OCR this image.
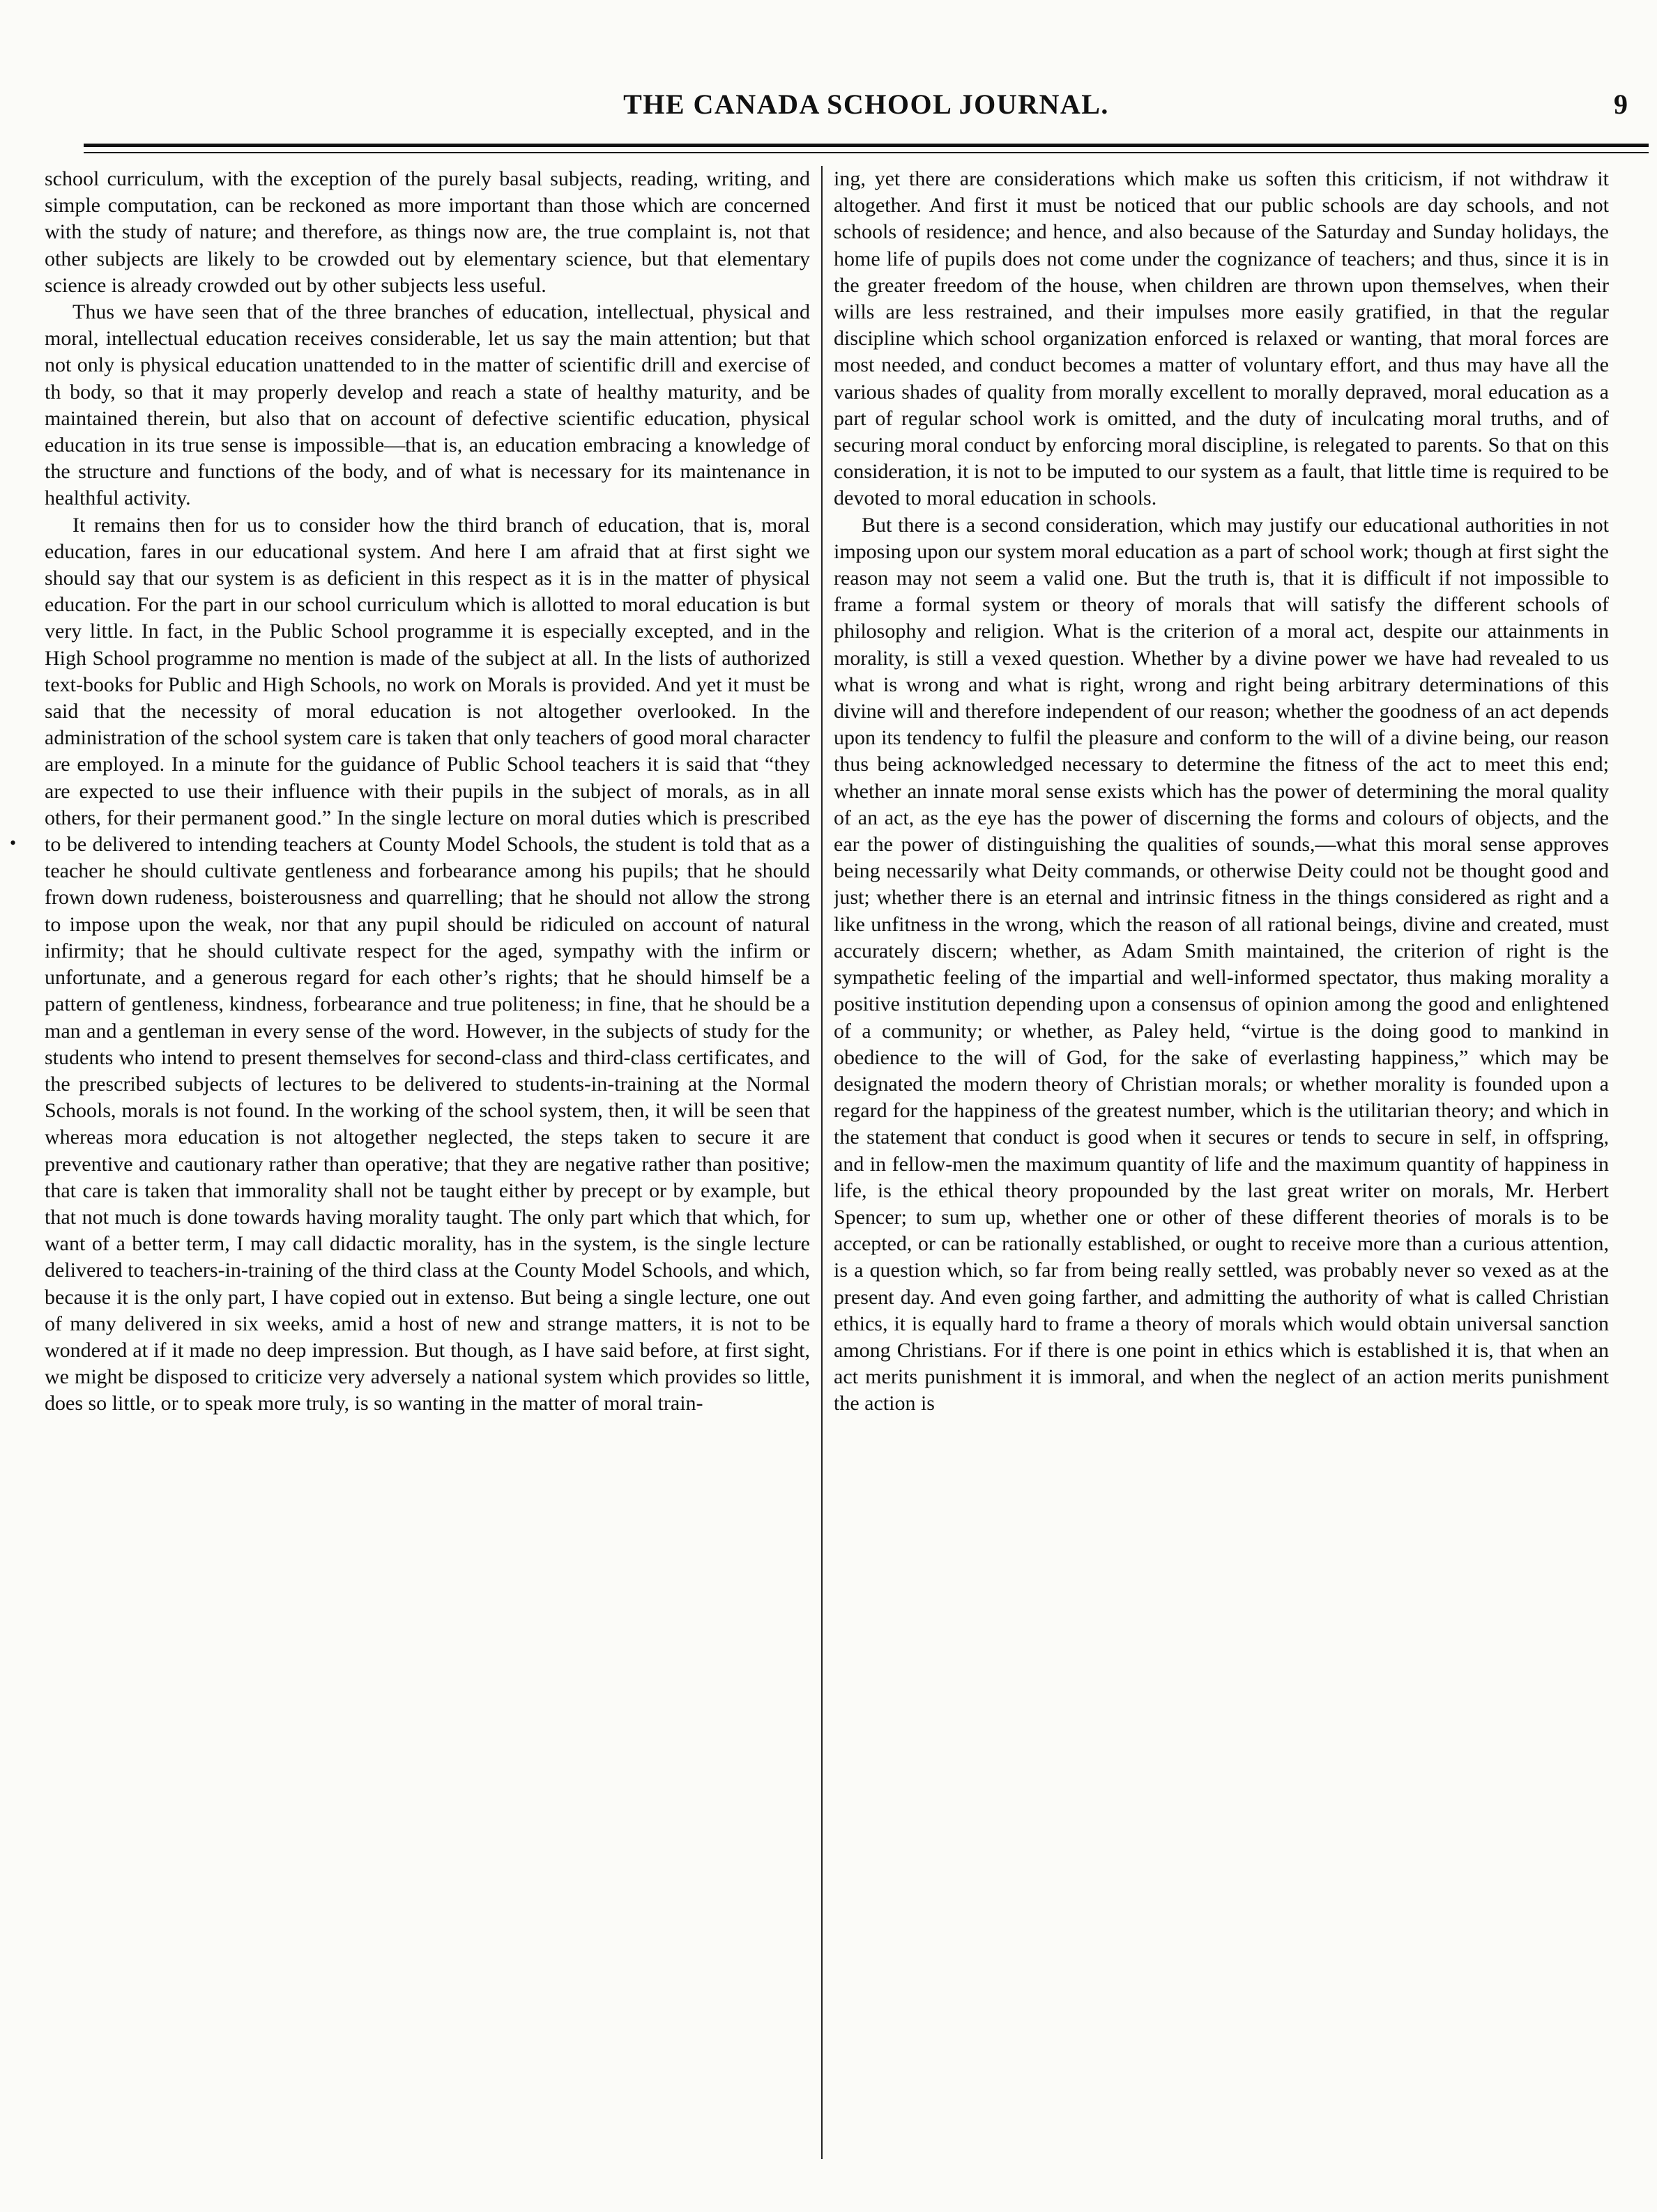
THE CANADA SCHOOL JOURNAL.	9
•

school curriculum, with the exception of the purely basal subjects, reading, writing, and simple computation, can be reckoned as more important than those which are concerned with the study of nature; and therefore, as things now are, the true complaint is, not that other subjects are likely to be crowded out by elementary science, but that elementary science is already crowded out by other subjects less useful.

Thus we have seen that of the three branches of education, intellectual, physical and moral, intellectual education receives considerable, let us say the main attention; but that not only is physical education unattended to in the matter of scientific drill and exercise of th body, so that it may properly develop and reach a state of healthy maturity, and be maintained therein, but also that on account of defective scientific education, physical education in its true sense is impossible—that is, an education embracing a knowledge of the structure and functions of the body, and of what is necessary for its maintenance in healthful activity.

It remains then for us to consider how the third branch of education, that is, moral education, fares in our educational system. And here I am afraid that at first sight we should say that our system is as deficient in this respect as it is in the matter of physical education. For the part in our school curriculum which is allotted to moral education is but very little. In fact, in the Public School programme it is especially excepted, and in the High School programme no mention is made of the subject at all. In the lists of authorized text-books for Public and High Schools, no work on Morals is provided. And yet it must be said that the necessity of moral education is not altogether overlooked. In the administration of the school system care is taken that only teachers of good moral character are employed. In a minute for the guidance of Public School teachers it is said that “they are expected to use their influence with their pupils in the subject of morals, as in all others, for their permanent good.” In the single lecture on moral duties which is prescribed to be delivered to intending teachers at County Model Schools, the student is told that as a teacher he should cultivate gentleness and forbearance among his pupils; that he should frown down rudeness, boisterousness and quarrelling; that he should not allow the strong to impose upon the weak, nor that any pupil should be ridiculed on account of natural infirmity; that he should cultivate respect for the aged, sympathy with the infirm or unfortunate, and a generous regard for each other’s rights; that he should himself be a pattern of gentleness, kindness, forbearance and true politeness; in fine, that he should be a man and a gentleman in every sense of the word. However, in the subjects of study for the students who intend to present themselves for second-class and third-class certificates, and the prescribed subjects of lectures to be delivered to students-in-training at the Normal Schools, morals is not found. In the working of the school system, then, it will be seen that whereas mora education is not altogether neglected, the steps taken to secure it are preventive and cautionary rather than operative; that they are negative rather than positive; that care is taken that immorality shall not be taught either by precept or by example, but that not much is done towards having morality taught. The only part which that which, for want of a better term, I may call didactic morality, has in the system, is the single lecture delivered to teachers-in-training of the third class at the County Model Schools, and which, because it is the only part, I have copied out in extenso. But being a single lecture, one out of many delivered in six weeks, amid a host of new and strange matters, it is not to be wondered at if it made no deep impression. But though, as I have said before, at first sight, we might be disposed to criticize very adversely a national system which provides so little, does so little, or to speak more truly, is so wanting in the matter of moral train-

ing, yet there are considerations which make us soften this criticism, if not withdraw it altogether. And first it must be noticed that our public schools are day schools, and not schools of residence; and hence, and also because of the Saturday and Sunday holidays, the home life of pupils does not come under the cognizance of teachers; and thus, since it is in the greater freedom of the house, when children are thrown upon themselves, when their wills are less restrained, and their impulses more easily gratified, in that the regular discipline which school organization enforced is relaxed or wanting, that moral forces are most needed, and conduct becomes a matter of voluntary effort, and thus may have all the various shades of quality from morally excellent to morally depraved, moral education as a part of regular school work is omitted, and the duty of inculcating moral truths, and of securing moral conduct by enforcing moral discipline, is relegated to parents. So that on this consideration, it is not to be imputed to our system as a fault, that little time is required to be devoted to moral education in schools.

But there is a second consideration, which may justify our educational authorities in not imposing upon our system moral education as a part of school work; though at first sight the reason may not seem a valid one. But the truth is, that it is difficult if not impossible to frame a formal system or theory of morals that will satisfy the different schools of philosophy and religion. What is the criterion of a moral act, despite our attainments in morality, is still a vexed question. Whether by a divine power we have had revealed to us what is wrong and what is right, wrong and right being arbitrary determinations of this divine will and therefore independent of our reason; whether the goodness of an act depends upon its tendency to fulfil the pleasure and conform to the will of a divine being, our reason thus being acknowledged necessary to determine the fitness of the act to meet this end; whether an innate moral sense exists which has the power of determining the moral quality of an act, as the eye has the power of discerning the forms and colours of objects, and the ear the power of distinguishing the qualities of sounds,—what this moral sense approves being necessarily what Deity commands, or otherwise Deity could not be thought good and just; whether there is an eternal and intrinsic fitness in the things considered as right and a like unfitness in the wrong, which the reason of all rational beings, divine and created, must accurately discern; whether, as Adam Smith maintained, the criterion of right is the sympathetic feeling of the impartial and well-informed spectator, thus making morality a positive institution depending upon a consensus of opinion among the good and enlightened of a community; or whether, as Paley held, “virtue is the doing good to mankind in obedience to the will of God, for the sake of everlasting happiness,” which may be designated the modern theory of Christian morals; or whether morality is founded upon a regard for the happiness of the greatest number, which is the utilitarian theory; and which in the statement that conduct is good when it secures or tends to secure in self, in offspring, and in fellow-men the maximum quantity of life and the maximum quantity of happiness in life, is the ethical theory propounded by the last great writer on morals, Mr. Herbert Spencer; to sum up, whether one or other of these different theories of morals is to be accepted, or can be rationally established, or ought to receive more than a curious attention, is a question which, so far from being really settled, was probably never so vexed as at the present day. And even going farther, and admitting the authority of what is called Christian ethics, it is equally hard to frame a theory of morals which would obtain universal sanction among Christians. For if there is one point in ethics which is established it is, that when an act merits punishment it is immoral, and when the neglect of an action merits punishment the action is
